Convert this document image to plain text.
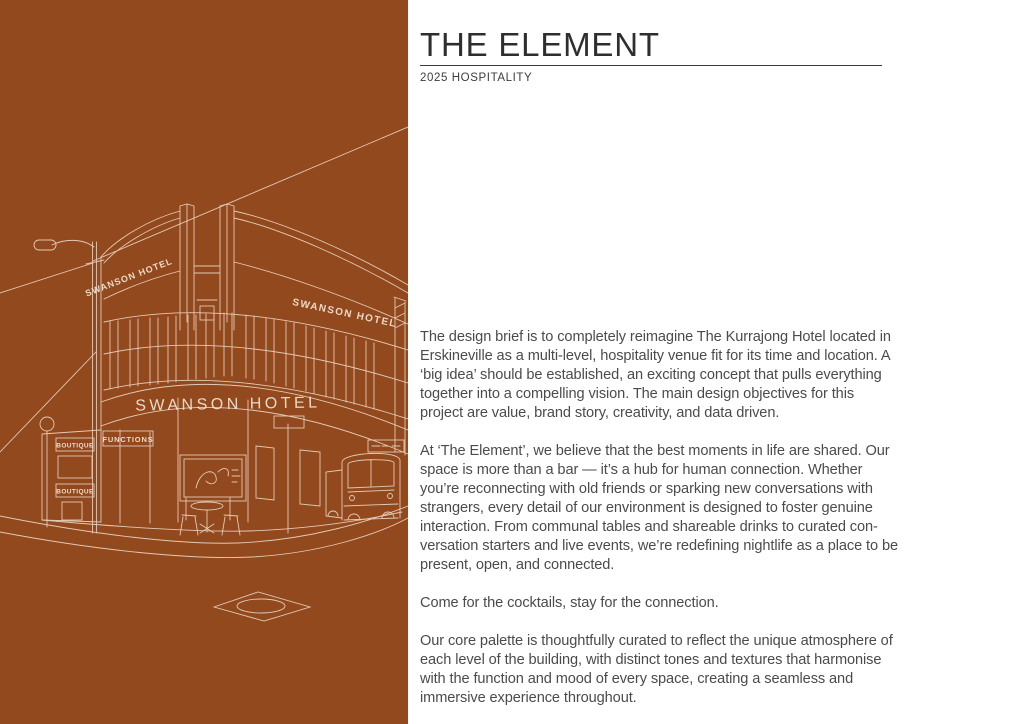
SWANSON HOTEL
SWANSON HOTEL
SWANSON HOTEL
FUNCTIONS
BOUTIQUE
BOUTIQUE
THE ELEMENT
2025 HOSPITALITY

The design brief is to completely reimagine The Kurrajong Hotel located in
Erskineville as a multi-level, hospitality venue fit for its time and location. A
‘big idea’ should be established, an exciting concept that pulls everything
together into a compelling vision. The main design objectives for this
project are value, brand story, creativity, and data driven.

At ‘The Element’, we believe that the best moments in life are shared. Our
space is more than a bar — it’s a hub for human connection. Whether
you’re reconnecting with old friends or sparking new conversations with
strangers, every detail of our environment is designed to foster genuine
interaction. From communal tables and shareable drinks to curated con-
versation starters and live events, we’re redefining nightlife as a place to be
present, open, and connected.

Come for the cocktails, stay for the connection.

Our core palette is thoughtfully curated to reflect the unique atmosphere of
each level of the building, with distinct tones and textures that harmonise
with the function and mood of every space, creating a seamless and
immersive experience throughout.
